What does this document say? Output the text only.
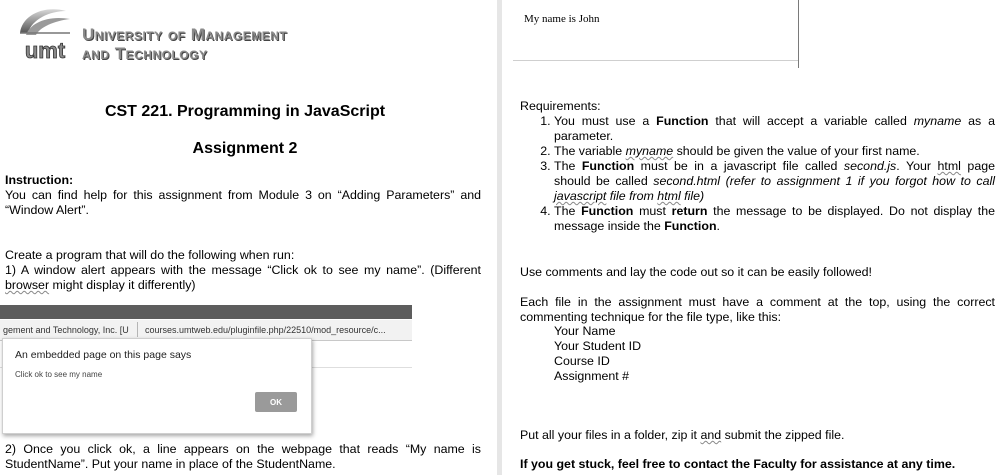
umt
University of Management
and Technology
CST 221. Programming in JavaScript
Assignment 2
Instruction:
You can find help for this assignment from Module 3 on “Adding Parameters” and “Window Alert”.
Create a program that will do the following when run:
1) A window alert appears with the message “Click ok to see my name”. (Different browser might display it differently)
gement and Technology, Inc. [U courses.umtweb.edu/pluginfile.php/22510/mod_resource/c...
An embedded page on this page says
Click ok to see my name
OK
2) Once you click ok, a line appears on the webpage that reads “My name is StudentName”. Put your name in place of the StudentName.
My name is John
Requirements:
1. You must use a Function that will accept a variable called myname as a parameter.
2. The variable myname should be given the value of your first name.
3. The Function must be in a javascript file called second.js. Your html page should be called second.html (refer to assignment 1 if you forgot how to call javascript file from html file)
4. The Function must return the message to be displayed. Do not display the message inside the Function.
Use comments and lay the code out so it can be easily followed!
Each file in the assignment must have a comment at the top, using the correct commenting technique for the file type, like this:
Your Name
Your Student ID
Course ID
Assignment #
Put all your files in a folder, zip it and submit the zipped file.
If you get stuck, feel free to contact the Faculty for assistance at any time.
